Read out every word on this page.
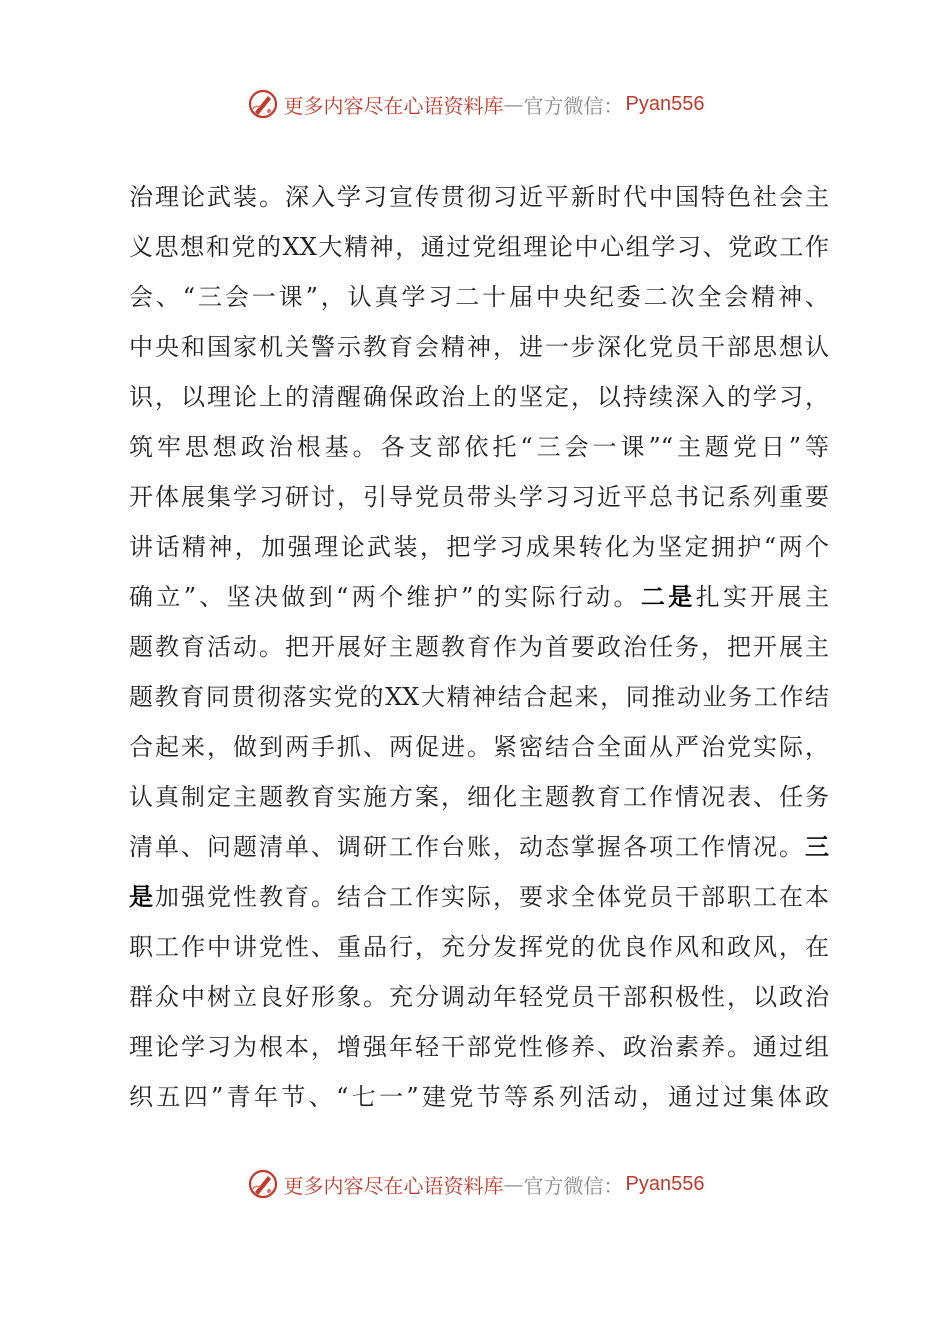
更多内容尽在心语资料库 — 官方微信： Pyan556
治理论武装。深入学习宣传贯彻习近平新时代中国特色社会主
义思想和党的XX大精神，通过党组理论中心组学习、党政工作
会、“三会一课”，认真学习二十届中央纪委二次全会精神、
中央和国家机关警示教育会精神，进一步深化党员干部思想认
识，以理论上的清醒确保政治上的坚定，以持续深入的学习，
筑牢思想政治根基。各支部依托“三会一课”“主题党日”等
开体展集学习研讨，引导党员带头学习习近平总书记系列重要
讲话精神，加强理论武装，把学习成果转化为坚定拥护“两个
确立”、坚决做到“两个维护”的实际行动。二是扎实开展主
题教育活动。把开展好主题教育作为首要政治任务，把开展主
题教育同贯彻落实党的XX大精神结合起来，同推动业务工作结
合起来，做到两手抓、两促进。紧密结合全面从严治党实际，
认真制定主题教育实施方案，细化主题教育工作情况表、任务
清单、问题清单、调研工作台账，动态掌握各项工作情况。三
是加强党性教育。结合工作实际，要求全体党员干部职工在本
职工作中讲党性、重品行，充分发挥党的优良作风和政风，在
群众中树立良好形象。充分调动年轻党员干部积极性，以政治
理论学习为根本，增强年轻干部党性修养、政治素养。通过组
织五四”青年节、“七一”建党节等系列活动，通过过集体政
更多内容尽在心语资料库 — 官方微信： Pyan556
